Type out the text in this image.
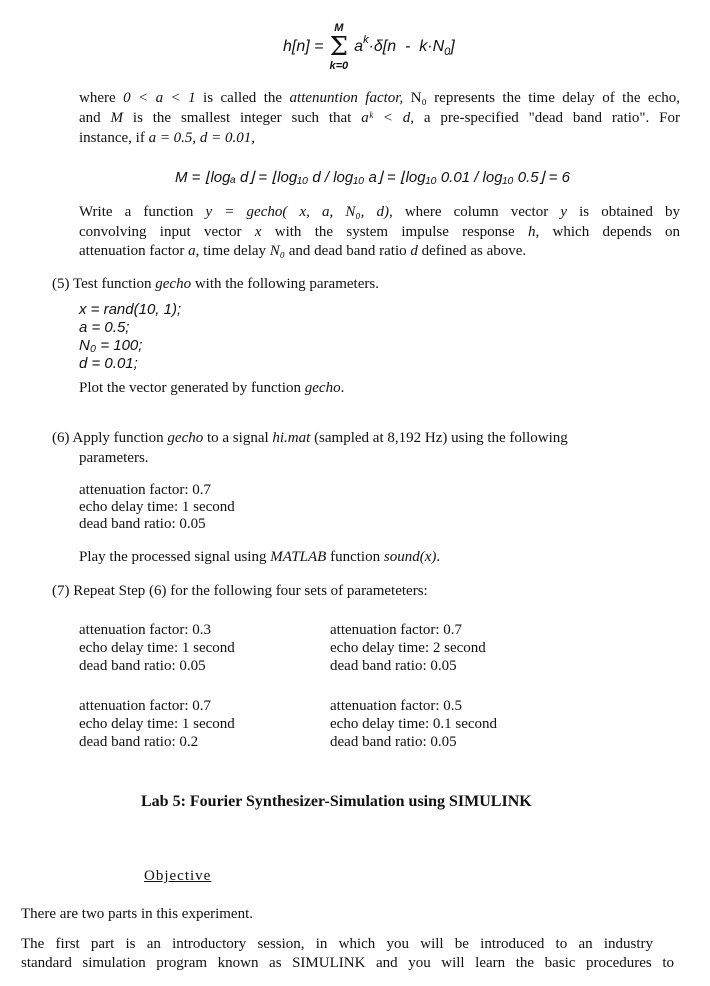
h[n] =
M
Σ
k=0
a k ·δ[n  -  k·N 0 ]
where 0 < a < 1 is called the attenuntion factor, N₀ represents the time delay of the echo,
and M is the smallest integer such that aᵏ < d, a pre-specified "dead band ratio". For
instance, if a = 0.5, d = 0.01,
M = ⌊logₐ d⌋ = ⌊log₁₀ d / log₁₀ a⌋ = ⌊log₁₀ 0.01 / log₁₀ 0.5⌋ = 6
Write a function y = gecho( x, a, N₀, d), where column vector y is obtained by
convolving input vector x with the system impulse response h, which depends on
attenuation factor a, time delay N₀ and dead band ratio d defined as above.
(5) Test function gecho with the following parameters.
x = rand(10, 1);
a = 0.5;
N₀ = 100;
d = 0.01;
Plot the vector generated by function gecho.
(6) Apply function gecho to a signal hi.mat (sampled at 8,192 Hz) using the following
parameters.
attenuation factor: 0.7
echo delay time: 1 second
dead band ratio: 0.05
Play the processed signal using MATLAB function sound(x).
(7) Repeat Step (6) for the following four sets of parameteters:
attenuation factor: 0.3
echo delay time: 1 second
dead band ratio: 0.05
attenuation factor: 0.7
echo delay time: 2 second
dead band ratio: 0.05
attenuation factor: 0.7
echo delay time: 1 second
dead band ratio: 0.2
attenuation factor: 0.5
echo delay time: 0.1 second
dead band ratio: 0.05
Lab 5: Fourier Synthesizer-Simulation using SIMULINK
Objective
There are two parts in this experiment.
The first part is an introductory session, in which you will be introduced to an industry
standard simulation program known as SIMULINK and you will learn the basic procedures to
